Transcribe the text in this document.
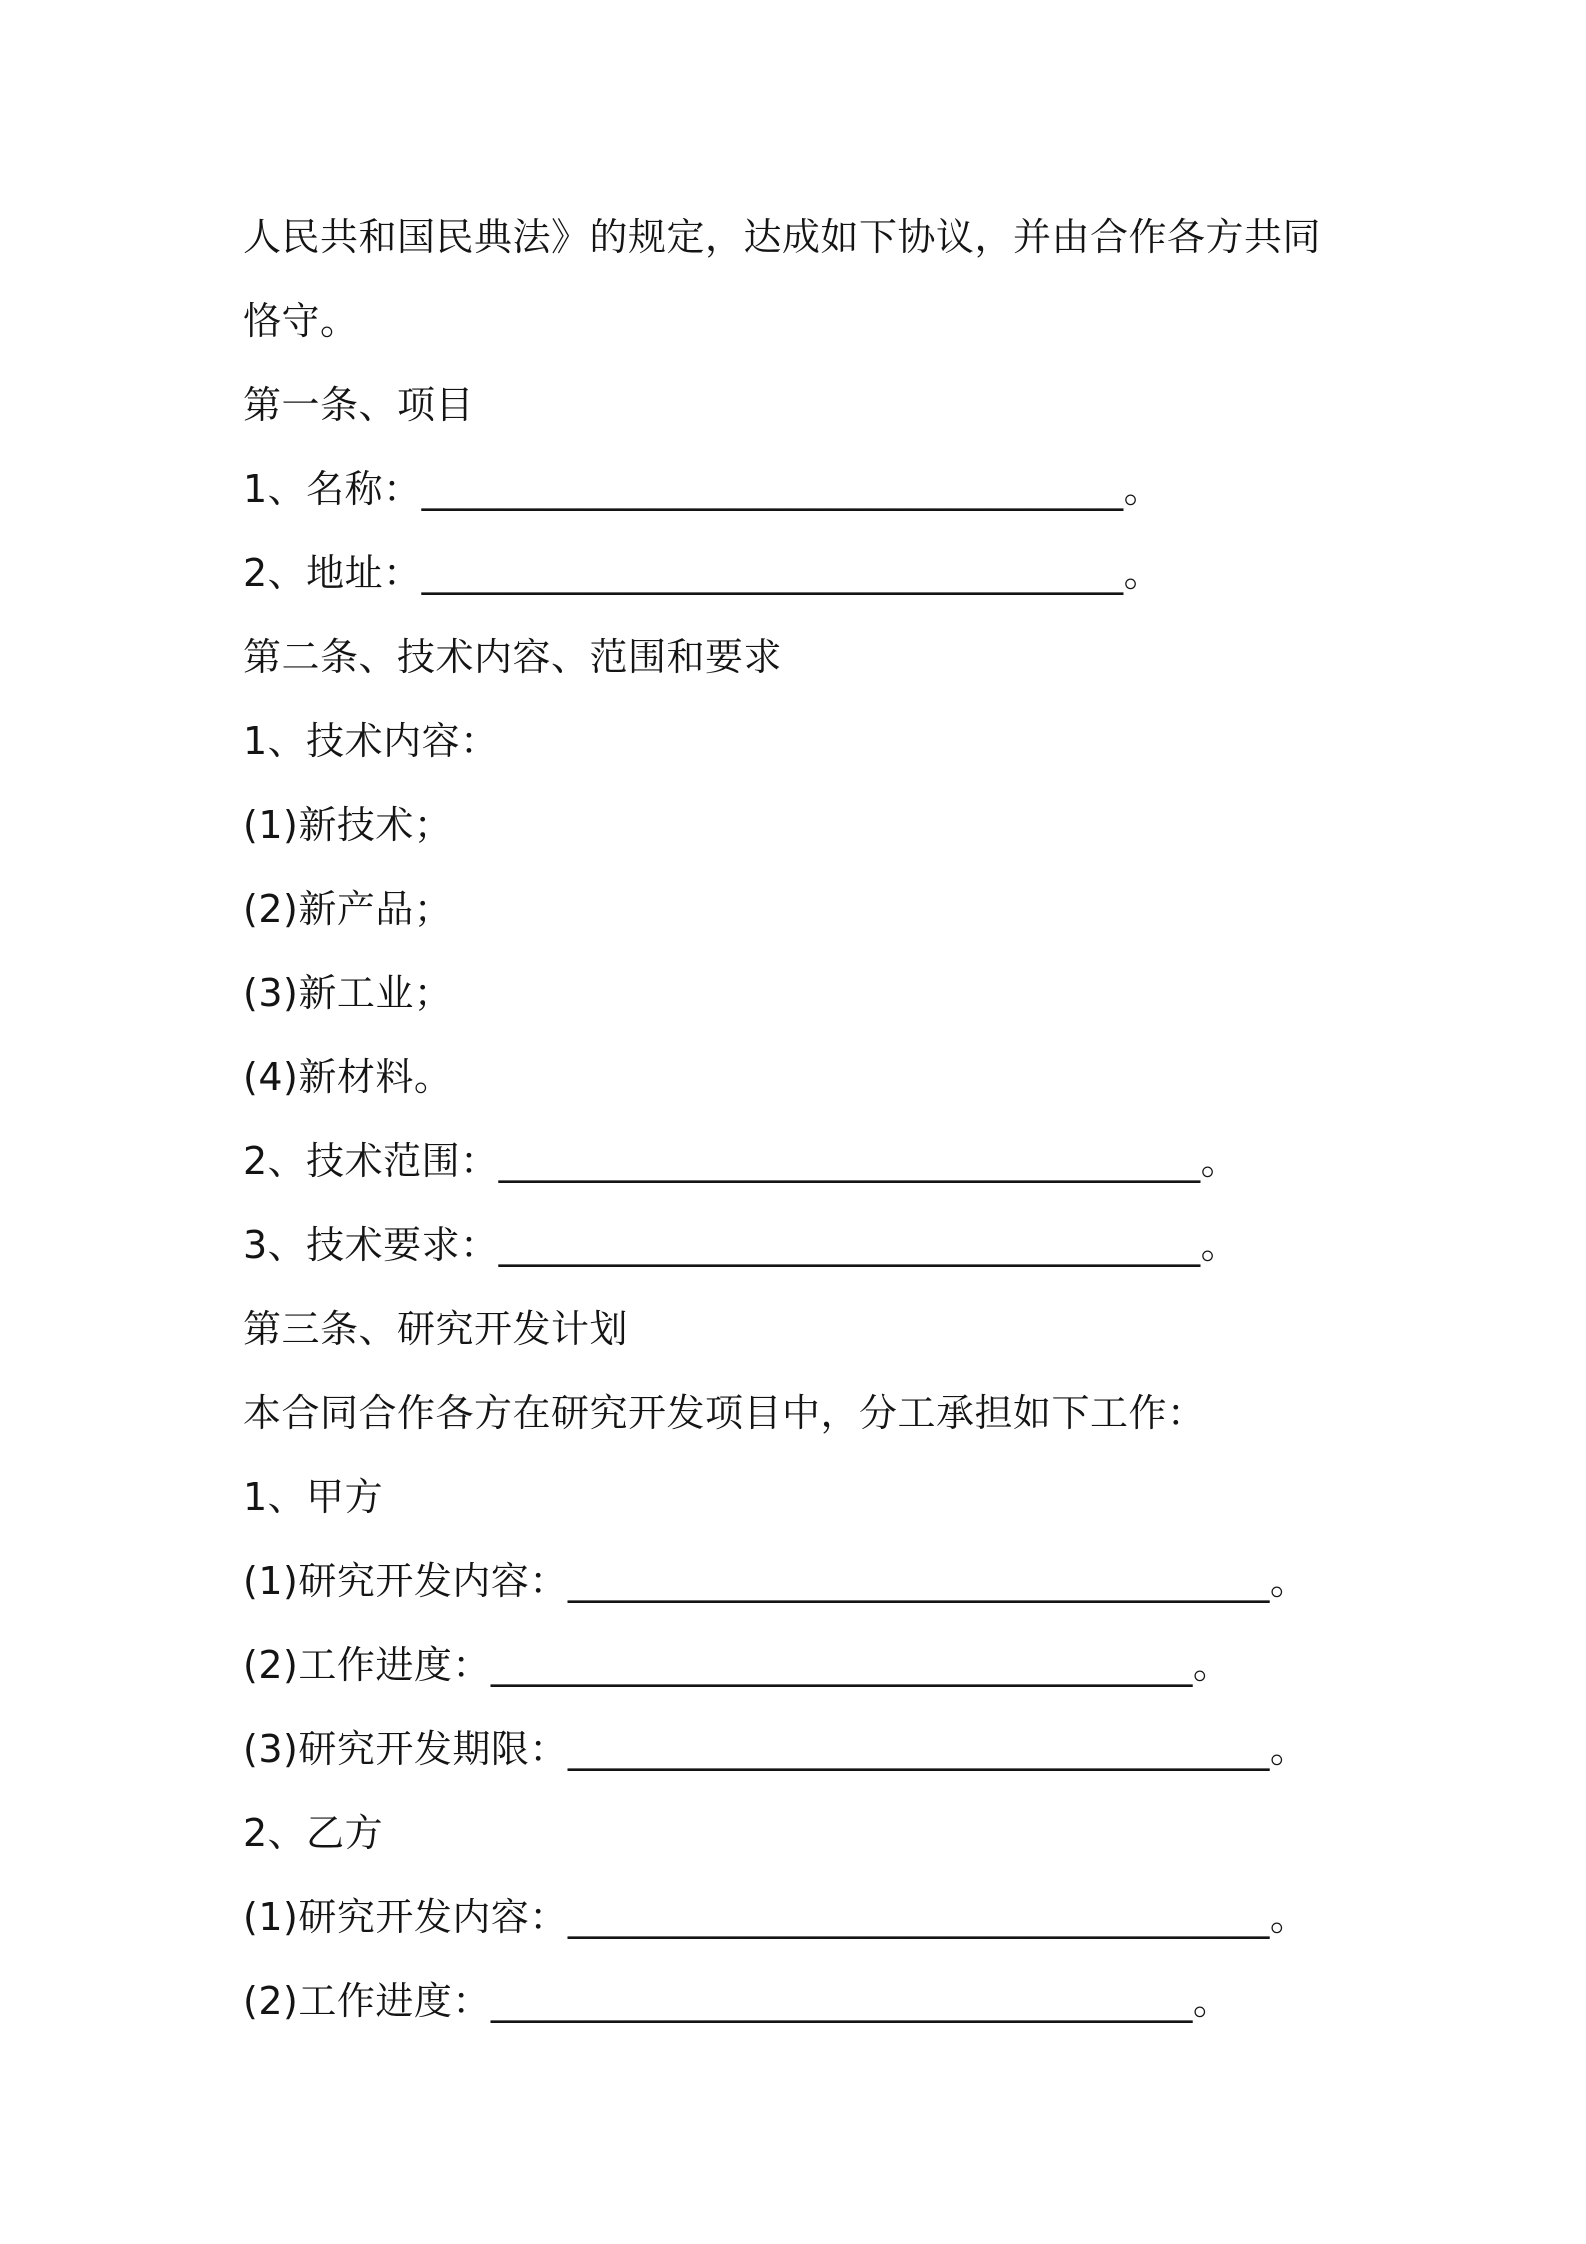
人民共和国民典法》的规定，达成如下协议，并由合作各方共同
恪守。
第一条、项目
1、名称：____________________________________。
2、地址：____________________________________。
第二条、技术内容、范围和要求
1、技术内容：
(1)新技术；
(2)新产品；
(3)新工业；
(4)新材料。
2、技术范围：____________________________________。
3、技术要求：____________________________________。
第三条、研究开发计划
本合同合作各方在研究开发项目中，分工承担如下工作：
1、甲方
(1)研究开发内容：____________________________________。
(2)工作进度：____________________________________。
(3)研究开发期限：____________________________________。
2、乙方
(1)研究开发内容：____________________________________。
(2)工作进度：____________________________________。
